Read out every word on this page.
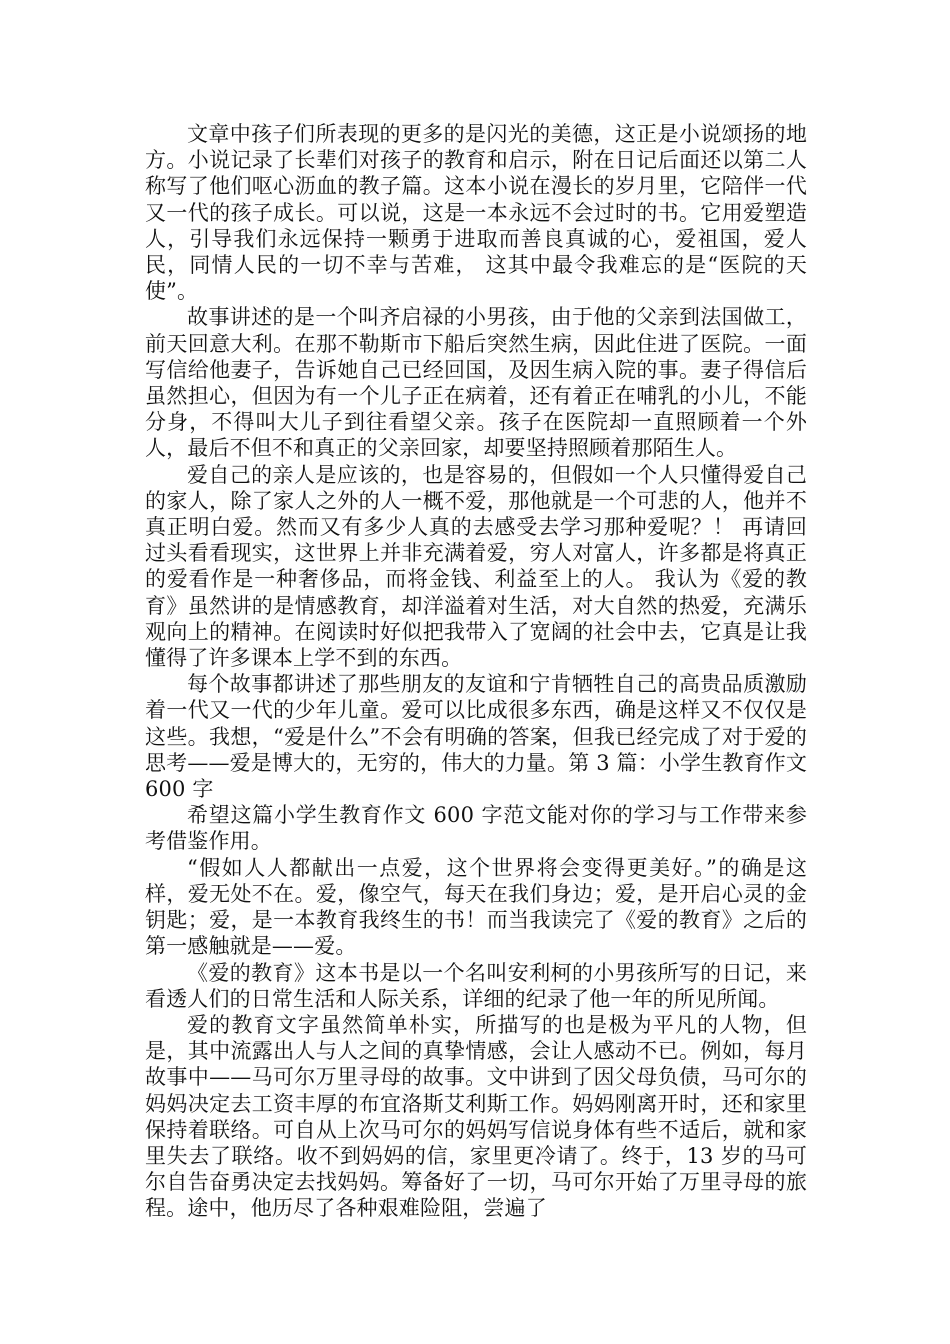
文章中孩子们所表现的更多的是闪光的美德，这正是小说颂扬的地方。小说记录了长辈们对孩子的教育和启示，附在日记后面还以第二人称写了他们呕心沥血的教子篇。这本小说在漫长的岁月里，它陪伴一代又一代的孩子成长。可以说，这是一本永远不会过时的书。它用爱塑造人，引导我们永远保持一颗勇于进取而善良真诚的心，爱祖国，爱人民，同情人民的一切不幸与苦难， 这其中最令我难忘的是“医院的天使”。

故事讲述的是一个叫齐启禄的小男孩，由于他的父亲到法国做工，前天回意大利。在那不勒斯市下船后突然生病，因此住进了医院。一面写信给他妻子，告诉她自己已经回国，及因生病入院的事。妻子得信后虽然担心，但因为有一个儿子正在病着，还有着正在哺乳的小儿，不能分身，不得叫大儿子到往看望父亲。孩子在医院却一直照顾着一个外人，最后不但不和真正的父亲回家，却要坚持照顾着那陌生人。

爱自己的亲人是应该的，也是容易的，但假如一个人只懂得爱自己的家人，除了家人之外的人一概不爱，那他就是一个可悲的人，他并不真正明白爱。然而又有多少人真的去感受去学习那种爱呢？！ 再请回过头看看现实，这世界上并非充满着爱，穷人对富人，许多都是将真正的爱看作是一种奢侈品，而将金钱、利益至上的人。 我认为《爱的教育》虽然讲的是情感教育，却洋溢着对生活，对大自然的热爱，充满乐观向上的精神。在阅读时好似把我带入了宽阔的社会中去，它真是让我懂得了许多课本上学不到的东西。

每个故事都讲述了那些朋友的友谊和宁肯牺牲自己的高贵品质激励着一代又一代的少年儿童。爱可以比成很多东西，确是这样又不仅仅是这些。我想，“爱是什么”不会有明确的答案，但我已经完成了对于爱的思考——爱是博大的，无穷的，伟大的力量。第 3 篇：小学生教育作文 600 字

希望这篇小学生教育作文 600 字范文能对你的学习与工作带来参考借鉴作用。

“假如人人都献出一点爱，这个世界将会变得更美好。”的确是这样，爱无处不在。爱，像空气，每天在我们身边；爱，是开启心灵的金钥匙；爱，是一本教育我终生的书！而当我读完了《爱的教育》之后的第一感触就是——爱。

《爱的教育》这本书是以一个名叫安利柯的小男孩所写的日记，来看透人们的日常生活和人际关系，详细的纪录了他一年的所见所闻。

爱的教育文字虽然简单朴实，所描写的也是极为平凡的人物，但是，其中流露出人与人之间的真挚情感，会让人感动不已。例如，每月故事中——马可尔万里寻母的故事。文中讲到了因父母负债，马可尔的妈妈决定去工资丰厚的布宜洛斯艾利斯工作。妈妈刚离开时，还和家里保持着联络。可自从上次马可尔的妈妈写信说身体有些不适后，就和家里失去了联络。收不到妈妈的信，家里更冷请了。终于，13 岁的马可尔自告奋勇决定去找妈妈。筹备好了一切，马可尔开始了万里寻母的旅程。途中，他历尽了各种艰难险阻，尝遍了
